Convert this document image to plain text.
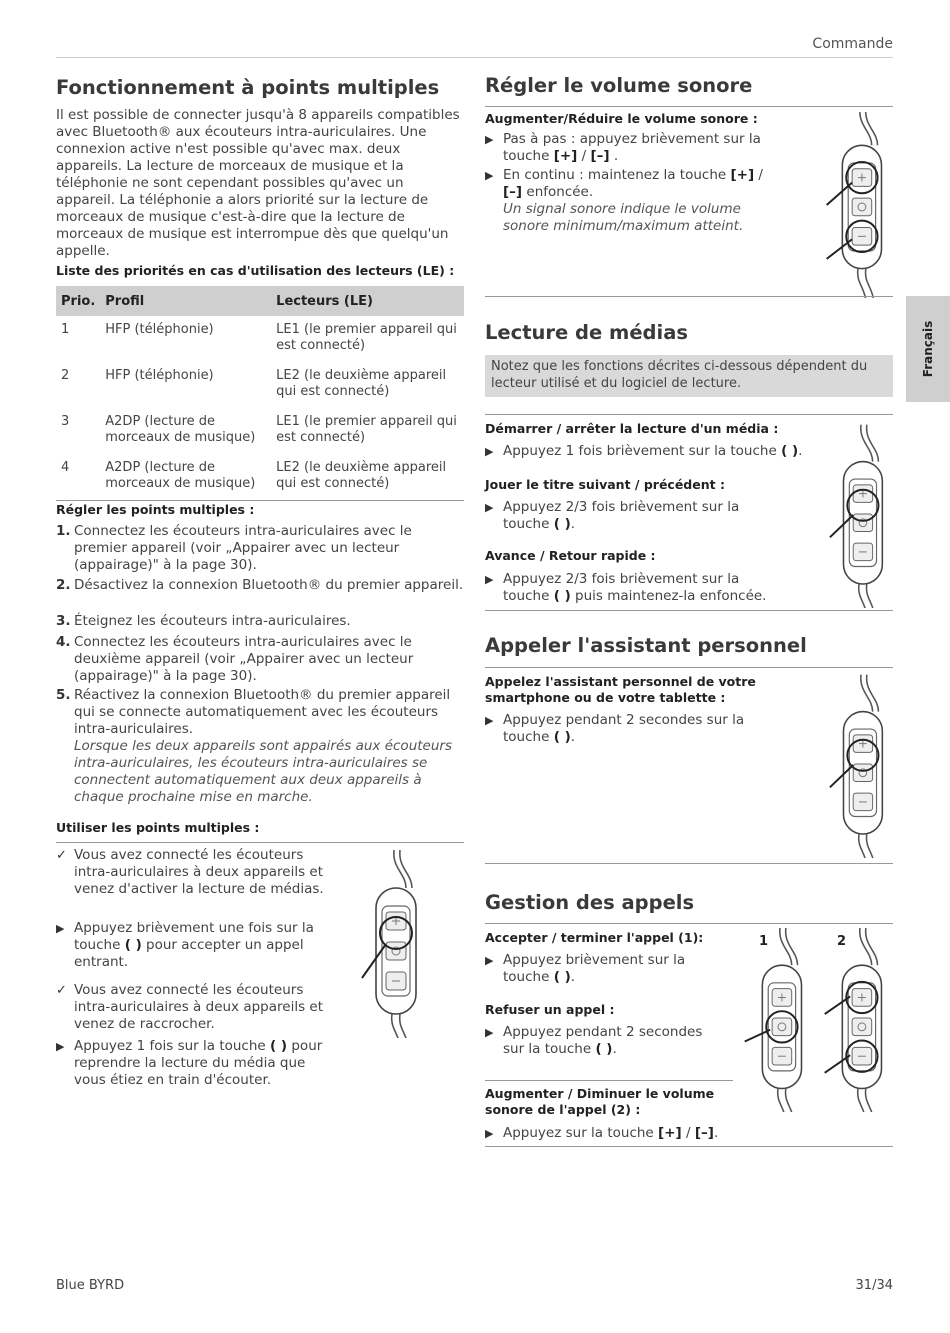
Commande
Français
Fonctionnement à points multiples
Il est possible de connecter jusqu'à 8 appareils compatibles avec Bluetooth® aux écouteurs intra-auriculaires. Une connexion active n'est possible qu'avec max. deux appareils. La lecture de morceaux de musique et la téléphonie ne sont cependant possibles qu'avec un appareil. La téléphonie a alors priorité sur la lecture de morceaux de musique c'est-à-dire que la lecture de morceaux de musique est interrompue dès que quelqu'un appelle.
Liste des priorités en cas d'utilisation des lecteurs (LE) :
Prio.	Profil	Lecteurs (LE)
1	HFP (téléphonie)	LE1 (le premier appareil qui est connecté)
2	HFP (téléphonie)	LE2 (le deuxième appareil qui est connecté)
3	A2DP (lecture de morceaux de musique)	LE1 (le premier appareil qui est connecté)
4	A2DP (lecture de morceaux de musique)	LE2 (le deuxième appareil qui est connecté)
Régler les points multiples :
1. Connectez les écouteurs intra-auriculaires avec le premier appareil (voir „Appairer avec un lecteur (appairage)" à la page 30).
2. Désactivez la connexion Bluetooth® du premier appareil.
3. Éteignez les écouteurs intra-auriculaires.
4. Connectez les écouteurs intra-auriculaires avec le deuxième appareil (voir „Appairer avec un lecteur (appairage)" à la page 30).
5. Réactivez la connexion Bluetooth® du premier appareil qui se connecte automatiquement avec les écouteurs intra-auriculaires.
Lorsque les deux appareils sont appairés aux écouteurs intra-auriculaires, les écouteurs intra-auriculaires se connectent automatiquement aux deux appareils à chaque prochaine mise en marche.
Utiliser les points multiples :
✓ Vous avez connecté les écouteurs intra-auriculaires à deux appareils et venez d'activer la lecture de médias.
▶ Appuyez brièvement une fois sur la touche ( ) pour accepter un appel entrant.
✓ Vous avez connecté les écouteurs intra-auriculaires à deux appareils et venez de raccrocher.
▶ Appuyez 1 fois sur la touche ( ) pour reprendre la lecture du média que vous étiez en train d'écouter.
Régler le volume sonore
Augmenter/Réduire le volume sonore :
▶ Pas à pas : appuyez brièvement sur la touche [+] / [–] .
▶ En continu : maintenez la touche [+] / [–] enfoncée.
Un signal sonore indique le volume sonore minimum/maximum atteint.
Lecture de médias
Notez que les fonctions décrites ci-dessous dépendent du lecteur utilisé et du logiciel de lecture.
Démarrer / arrêter la lecture d'un média :
▶ Appuyez 1 fois brièvement sur la touche ( ).
Jouer le titre suivant / précédent :
▶ Appuyez 2/3 fois brièvement sur la touche ( ).
Avance / Retour rapide :
▶ Appuyez 2/3 fois brièvement sur la touche ( ) puis maintenez-la enfoncée.
Appeler l'assistant personnel
Appelez l'assistant personnel de votre smartphone ou de votre tablette :
▶ Appuyez pendant 2 secondes sur la touche ( ).
Gestion des appels
Accepter / terminer l'appel (1):
▶ Appuyez brièvement sur la touche ( ).
Refuser un appel :
▶ Appuyez pendant 2 secondes sur la touche ( ).
Augmenter / Diminuer le volume sonore de l'appel (2) :
▶ Appuyez sur la touche [+] / [–].
1	2
Blue BYRD	31/34
